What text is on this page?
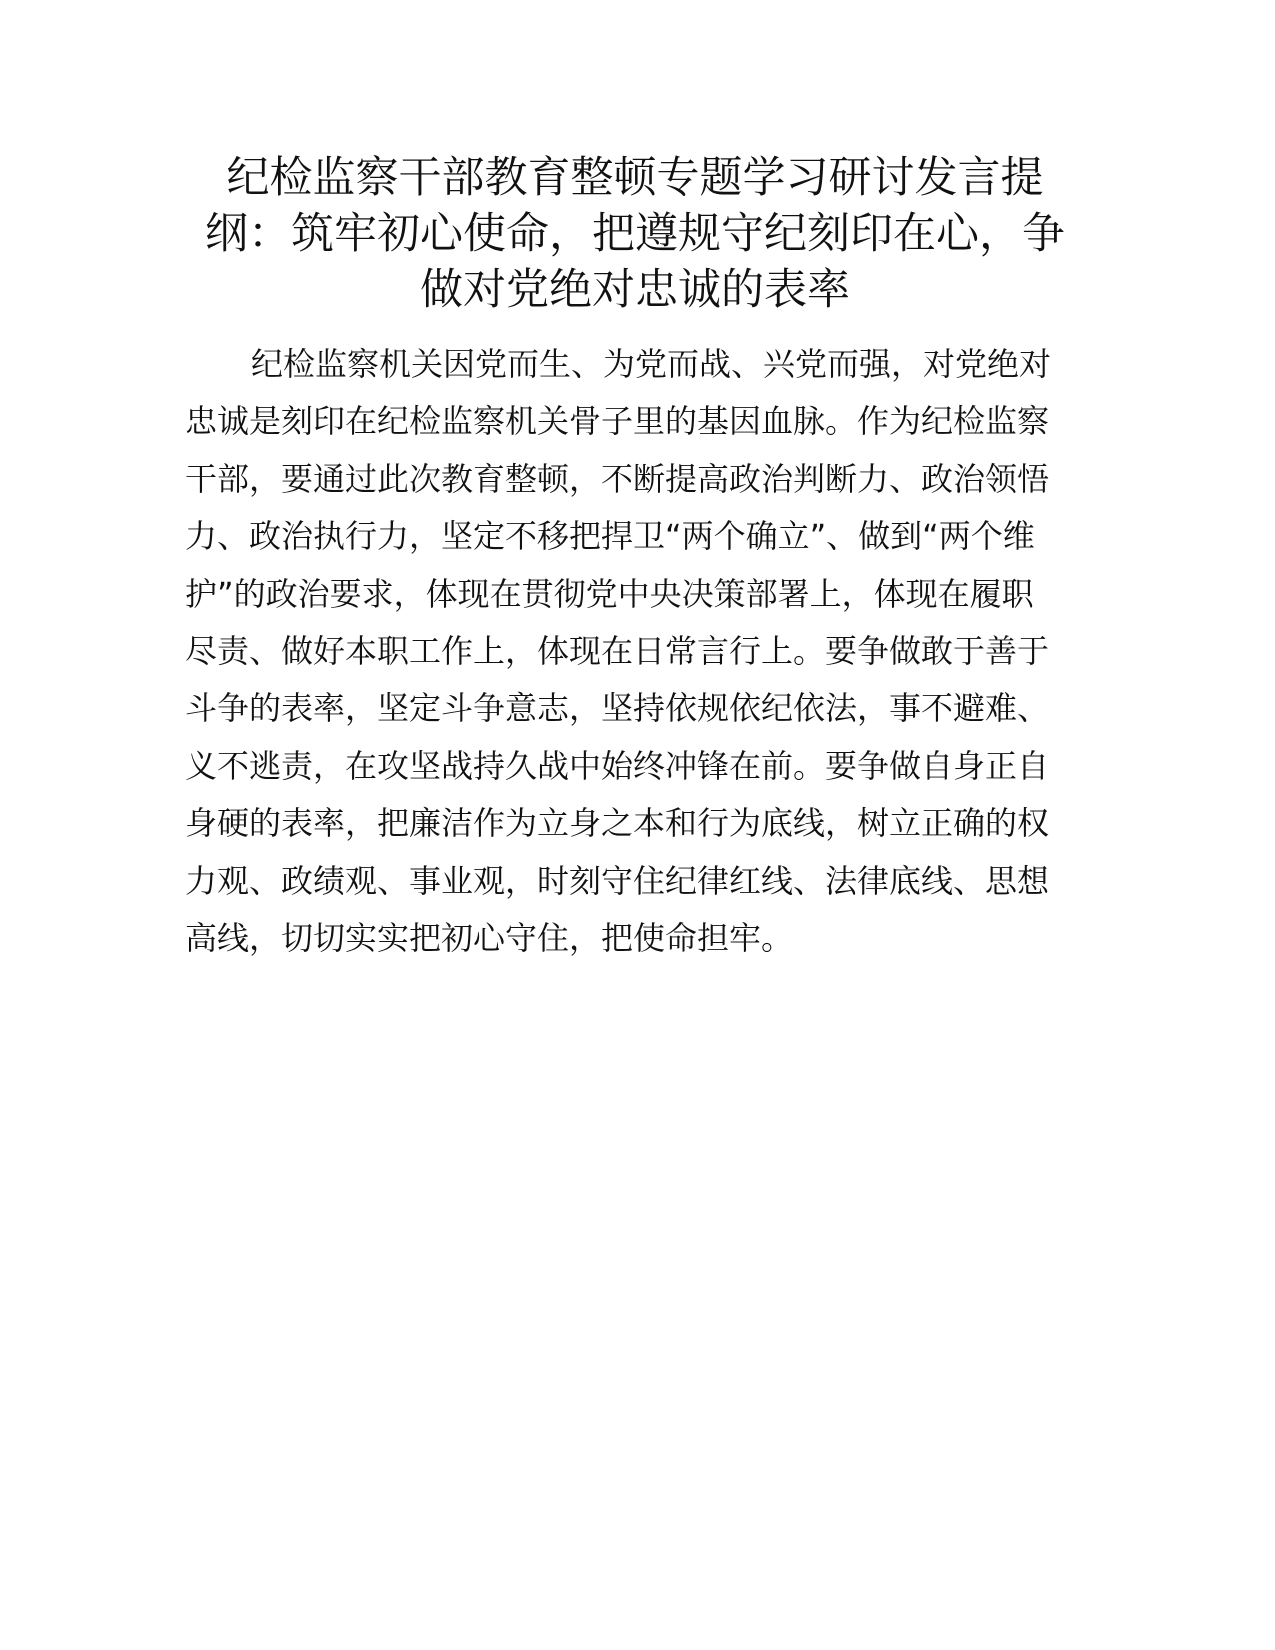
纪检监察干部教育整顿专题学习研讨发言提
纲：筑牢初心使命，把遵规守纪刻印在心，争
做对党绝对忠诚的表率
纪检监察机关因党而生、为党而战、兴党而强，对党绝对
忠诚是刻印在纪检监察机关骨子里的基因血脉。作为纪检监察
干部，要通过此次教育整顿，不断提高政治判断力、政治领悟
力、政治执行力，坚定不移把捍卫“两个确立”、做到“两个维
护”的政治要求，体现在贯彻党中央决策部署上，体现在履职
尽责、做好本职工作上，体现在日常言行上。要争做敢于善于
斗争的表率，坚定斗争意志，坚持依规依纪依法，事不避难、
义不逃责，在攻坚战持久战中始终冲锋在前。要争做自身正自
身硬的表率，把廉洁作为立身之本和行为底线，树立正确的权
力观、政绩观、事业观，时刻守住纪律红线、法律底线、思想
高线，切切实实把初心守住，把使命担牢。
